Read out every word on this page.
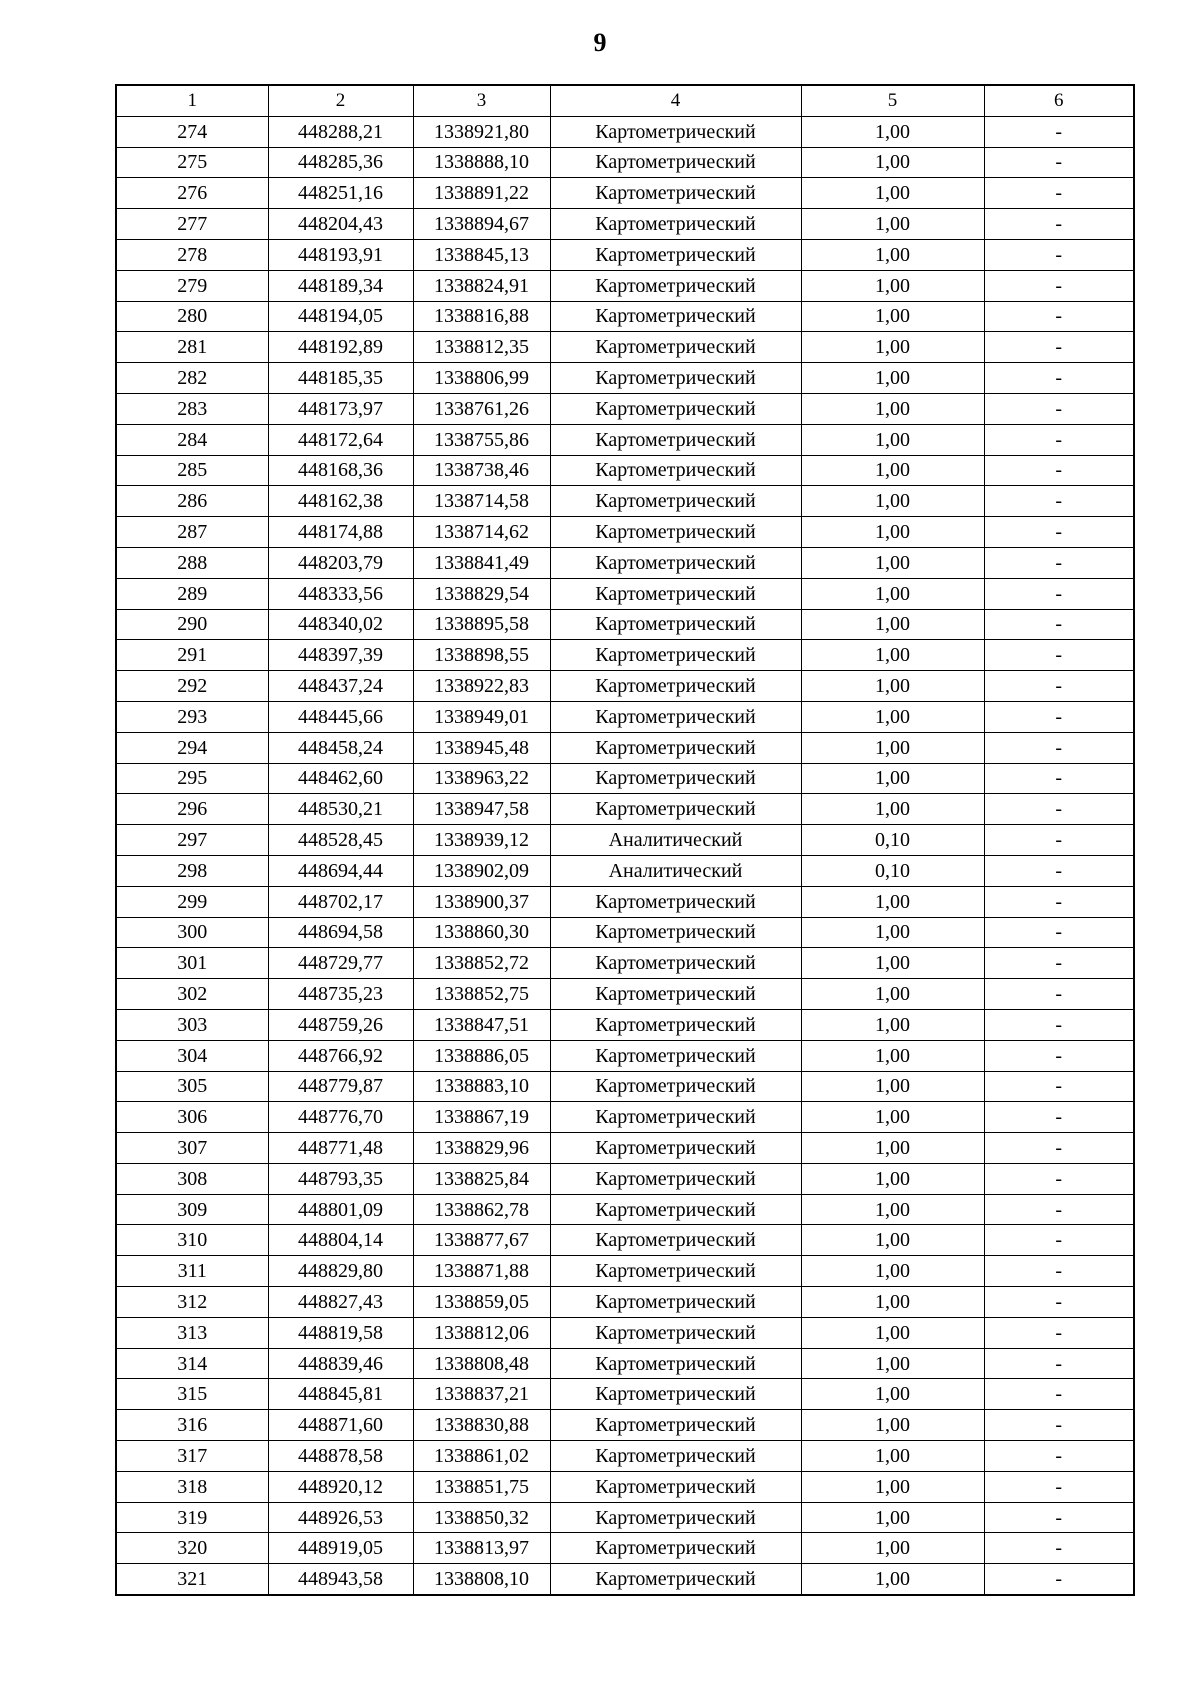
9
1	2	3	4	5	6
274	448288,21	1338921,80	Картометрический	1,00	-
275	448285,36	1338888,10	Картометрический	1,00	-
276	448251,16	1338891,22	Картометрический	1,00	-
277	448204,43	1338894,67	Картометрический	1,00	-
278	448193,91	1338845,13	Картометрический	1,00	-
279	448189,34	1338824,91	Картометрический	1,00	-
280	448194,05	1338816,88	Картометрический	1,00	-
281	448192,89	1338812,35	Картометрический	1,00	-
282	448185,35	1338806,99	Картометрический	1,00	-
283	448173,97	1338761,26	Картометрический	1,00	-
284	448172,64	1338755,86	Картометрический	1,00	-
285	448168,36	1338738,46	Картометрический	1,00	-
286	448162,38	1338714,58	Картометрический	1,00	-
287	448174,88	1338714,62	Картометрический	1,00	-
288	448203,79	1338841,49	Картометрический	1,00	-
289	448333,56	1338829,54	Картометрический	1,00	-
290	448340,02	1338895,58	Картометрический	1,00	-
291	448397,39	1338898,55	Картометрический	1,00	-
292	448437,24	1338922,83	Картометрический	1,00	-
293	448445,66	1338949,01	Картометрический	1,00	-
294	448458,24	1338945,48	Картометрический	1,00	-
295	448462,60	1338963,22	Картометрический	1,00	-
296	448530,21	1338947,58	Картометрический	1,00	-
297	448528,45	1338939,12	Аналитический	0,10	-
298	448694,44	1338902,09	Аналитический	0,10	-
299	448702,17	1338900,37	Картометрический	1,00	-
300	448694,58	1338860,30	Картометрический	1,00	-
301	448729,77	1338852,72	Картометрический	1,00	-
302	448735,23	1338852,75	Картометрический	1,00	-
303	448759,26	1338847,51	Картометрический	1,00	-
304	448766,92	1338886,05	Картометрический	1,00	-
305	448779,87	1338883,10	Картометрический	1,00	-
306	448776,70	1338867,19	Картометрический	1,00	-
307	448771,48	1338829,96	Картометрический	1,00	-
308	448793,35	1338825,84	Картометрический	1,00	-
309	448801,09	1338862,78	Картометрический	1,00	-
310	448804,14	1338877,67	Картометрический	1,00	-
311	448829,80	1338871,88	Картометрический	1,00	-
312	448827,43	1338859,05	Картометрический	1,00	-
313	448819,58	1338812,06	Картометрический	1,00	-
314	448839,46	1338808,48	Картометрический	1,00	-
315	448845,81	1338837,21	Картометрический	1,00	-
316	448871,60	1338830,88	Картометрический	1,00	-
317	448878,58	1338861,02	Картометрический	1,00	-
318	448920,12	1338851,75	Картометрический	1,00	-
319	448926,53	1338850,32	Картометрический	1,00	-
320	448919,05	1338813,97	Картометрический	1,00	-
321	448943,58	1338808,10	Картометрический	1,00	-
